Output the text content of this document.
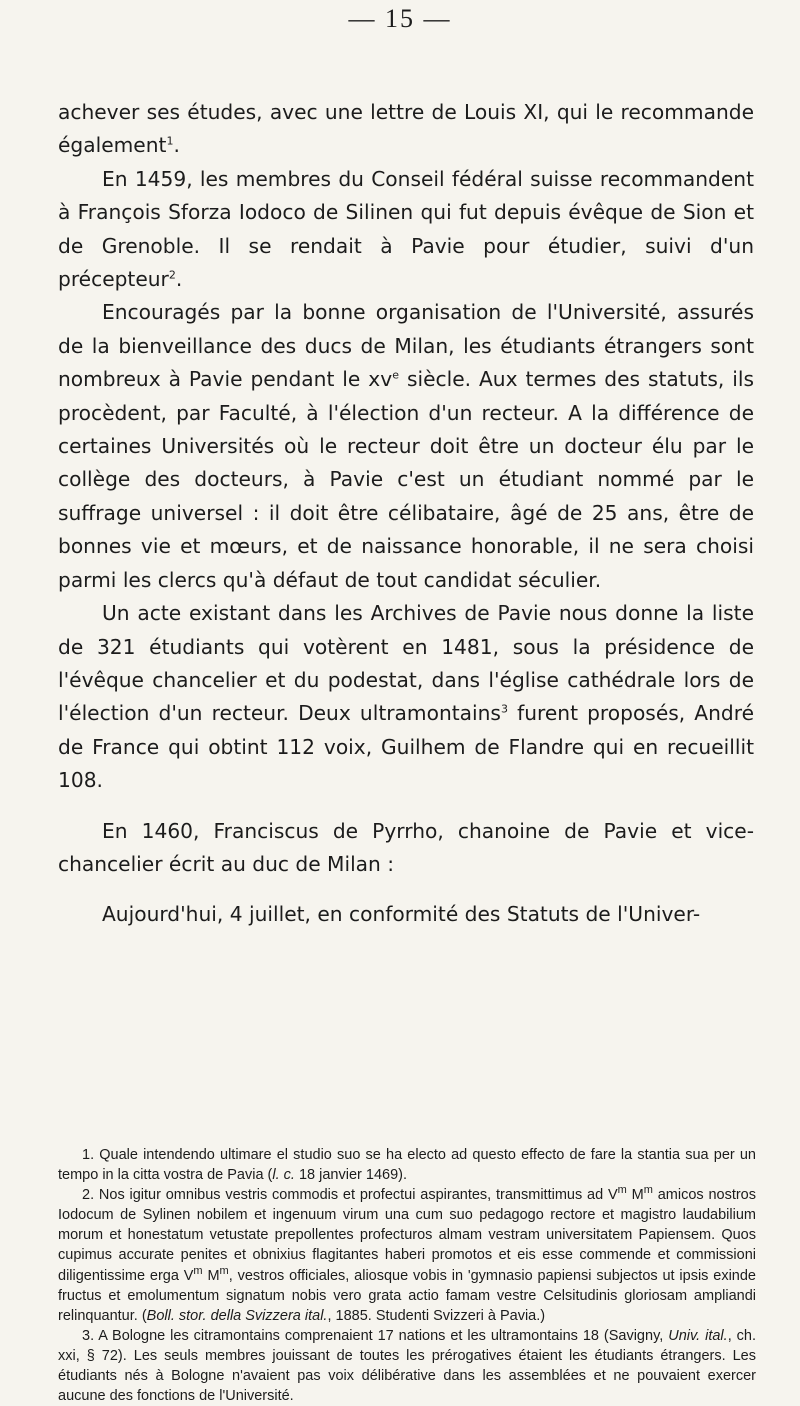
— 15 —

achever ses études, avec une lettre de Louis XI, qui le recommande également$^1$.

En 1459, les membres du Conseil fédéral suisse recommandent à François Sforza Iodoco de Silinen qui fut depuis évêque de Sion et de Grenoble. Il se rendait à Pavie pour étudier, suivi d'un précepteur$^2$.

Encouragés par la bonne organisation de l'Université, assurés de la bienveillance des ducs de Milan, les étudiants étrangers sont nombreux à Pavie pendant le $xv^e$ siècle. Aux termes des statuts, ils procèdent, par Faculté, à l'élection d'un recteur. A la différence de certaines Universités où le recteur doit être un docteur élu par le collège des docteurs, à Pavie c'est un étudiant nommé par le suffrage universel : il doit être célibataire, âgé de 25 ans, être de bonnes vie et mœurs, et de naissance honorable, il ne sera choisi parmi les clercs qu'à défaut de tout candidat séculier.

Un acte existant dans les Archives de Pavie nous donne la liste de 321 étudiants qui votèrent en 1481, sous la présidence de l'évêque chancelier et du podestat, dans l'église cathédrale lors de l'élection d'un recteur. Deux ultramontains$^3$ furent proposés, André de France qui obtint 112 voix, Guilhem de Flandre qui en recueillit 108.

En 1460, Franciscus de Pyrrho, chanoine de Pavie et vice-chancelier écrit au duc de Milan :

Aujourd'hui, 4 juillet, en conformité des Statuts de l'Univer-

1. Quale intendendo ultimare el studio suo se ha electo ad questo effecto de fare la stantia sua per un tempo in la citta vostra de Pavia (l. c. 18 janvier 1469).

2. Nos igitur omnibus vestris commodis et profectui aspirantes, transmittimus ad $V^m$ $M^m$ amicos nostros Iodocum de Sylinen nobilem et ingenuum virum una cum suo pedagogo rectore et magistro laudabilium morum et honestatum vetustate prepollentes profecturos almam vestram universitatem Papiensem. Quos cupimus accurate penites et obnixius flagitantes haberi promotos et eis esse commende et commissioni diligentissime erga $V^m$ $M^m$, vestros officiales, aliosque vobis in 'gymnasio papiensi subjectos ut ipsis exinde fructus et emolumentum signatum nobis vero grata actio famam vestre Celsitudinis gloriosam ampliandi relinquantur. (Boll. stor. della Svizzera ital., 1885. Studenti Svizzeri à Pavia.)

3. A Bologne les citramontains comprenaient 17 nations et les ultramontains 18 (Savigny, Univ. ital., ch. xxi, § 72). Les seuls membres jouissant de toutes les prérogatives étaient les étudiants étrangers. Les étudiants nés à Bologne n'avaient pas voix délibérative dans les assemblées et ne pouvaient exercer aucune des fonctions de l'Université.
